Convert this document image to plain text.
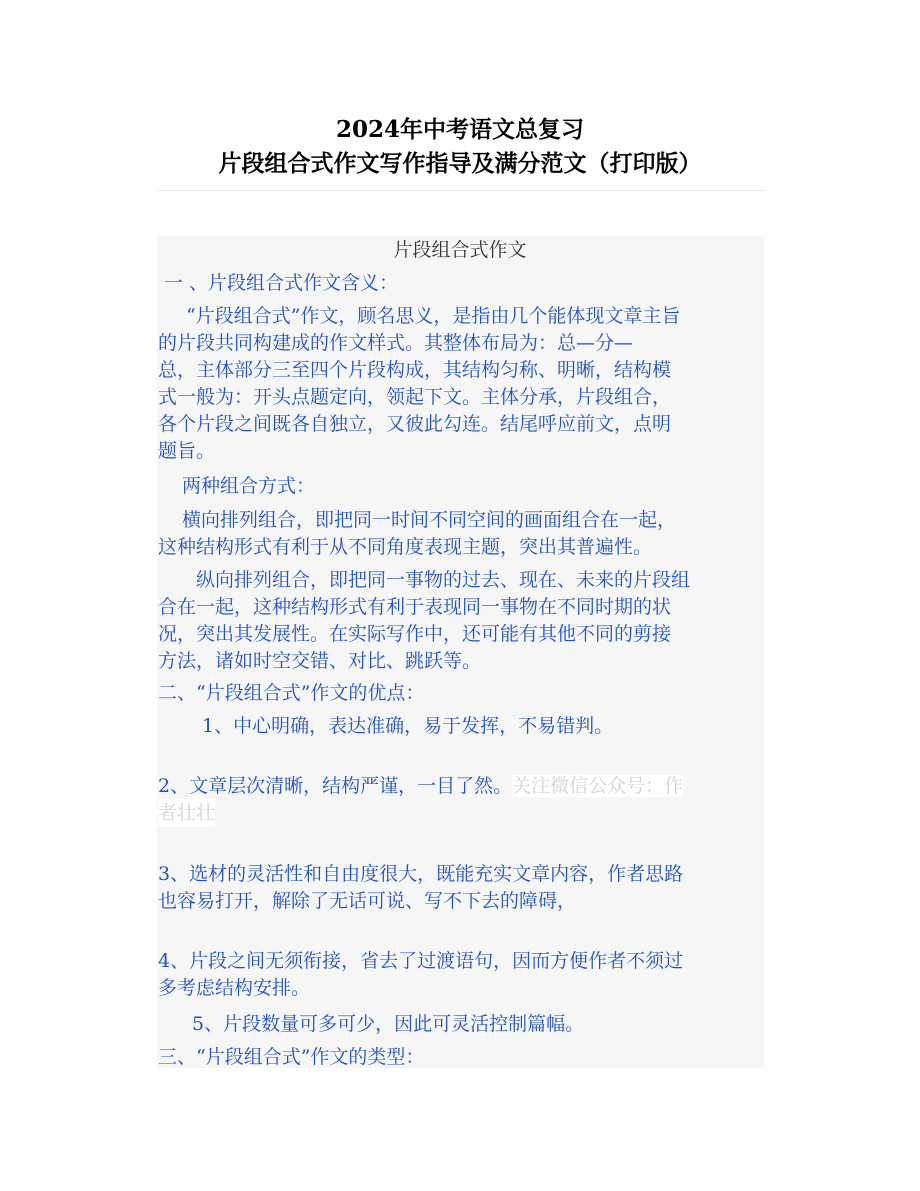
2024年中考语文总复习
片段组合式作文写作指导及满分范文（打印版）
片段组合式作文
一 、片段组合式作文含义：
“片段组合式”作文，顾名思义，是指由几个能体现文章主旨
的片段共同构建成的作文样式。其整体布局为：总—分—
总，主体部分三至四个片段构成，其结构匀称、明晰，结构模
式一般为：开头点题定向，领起下文。主体分承，片段组合，
各个片段之间既各自独立，又彼此勾连。结尾呼应前文，点明
题旨。
两种组合方式：
横向排列组合，即把同一时间不同空间的画面组合在一起，
这种结构形式有利于从不同角度表现主题，突出其普遍性。
纵向排列组合，即把同一事物的过去、现在、未来的片段组
合在一起，这种结构形式有利于表现同一事物在不同时期的状
况，突出其发展性。在实际写作中，还可能有其他不同的剪接
方法，诸如时空交错、对比、跳跃等。
二、“片段组合式”作文的优点：
1、中心明确，表达准确，易于发挥，不易错判。
2、文章层次清晰，结构严谨，一目了然。关注微信公众号：作
者壮壮
3、选材的灵活性和自由度很大，既能充实文章内容，作者思路
也容易打开，解除了无话可说、写不下去的障碍，
4、片段之间无须衔接，省去了过渡语句，因而方便作者不须过
多考虑结构安排。
5、片段数量可多可少，因此可灵活控制篇幅。
三、“片段组合式”作文的类型：
